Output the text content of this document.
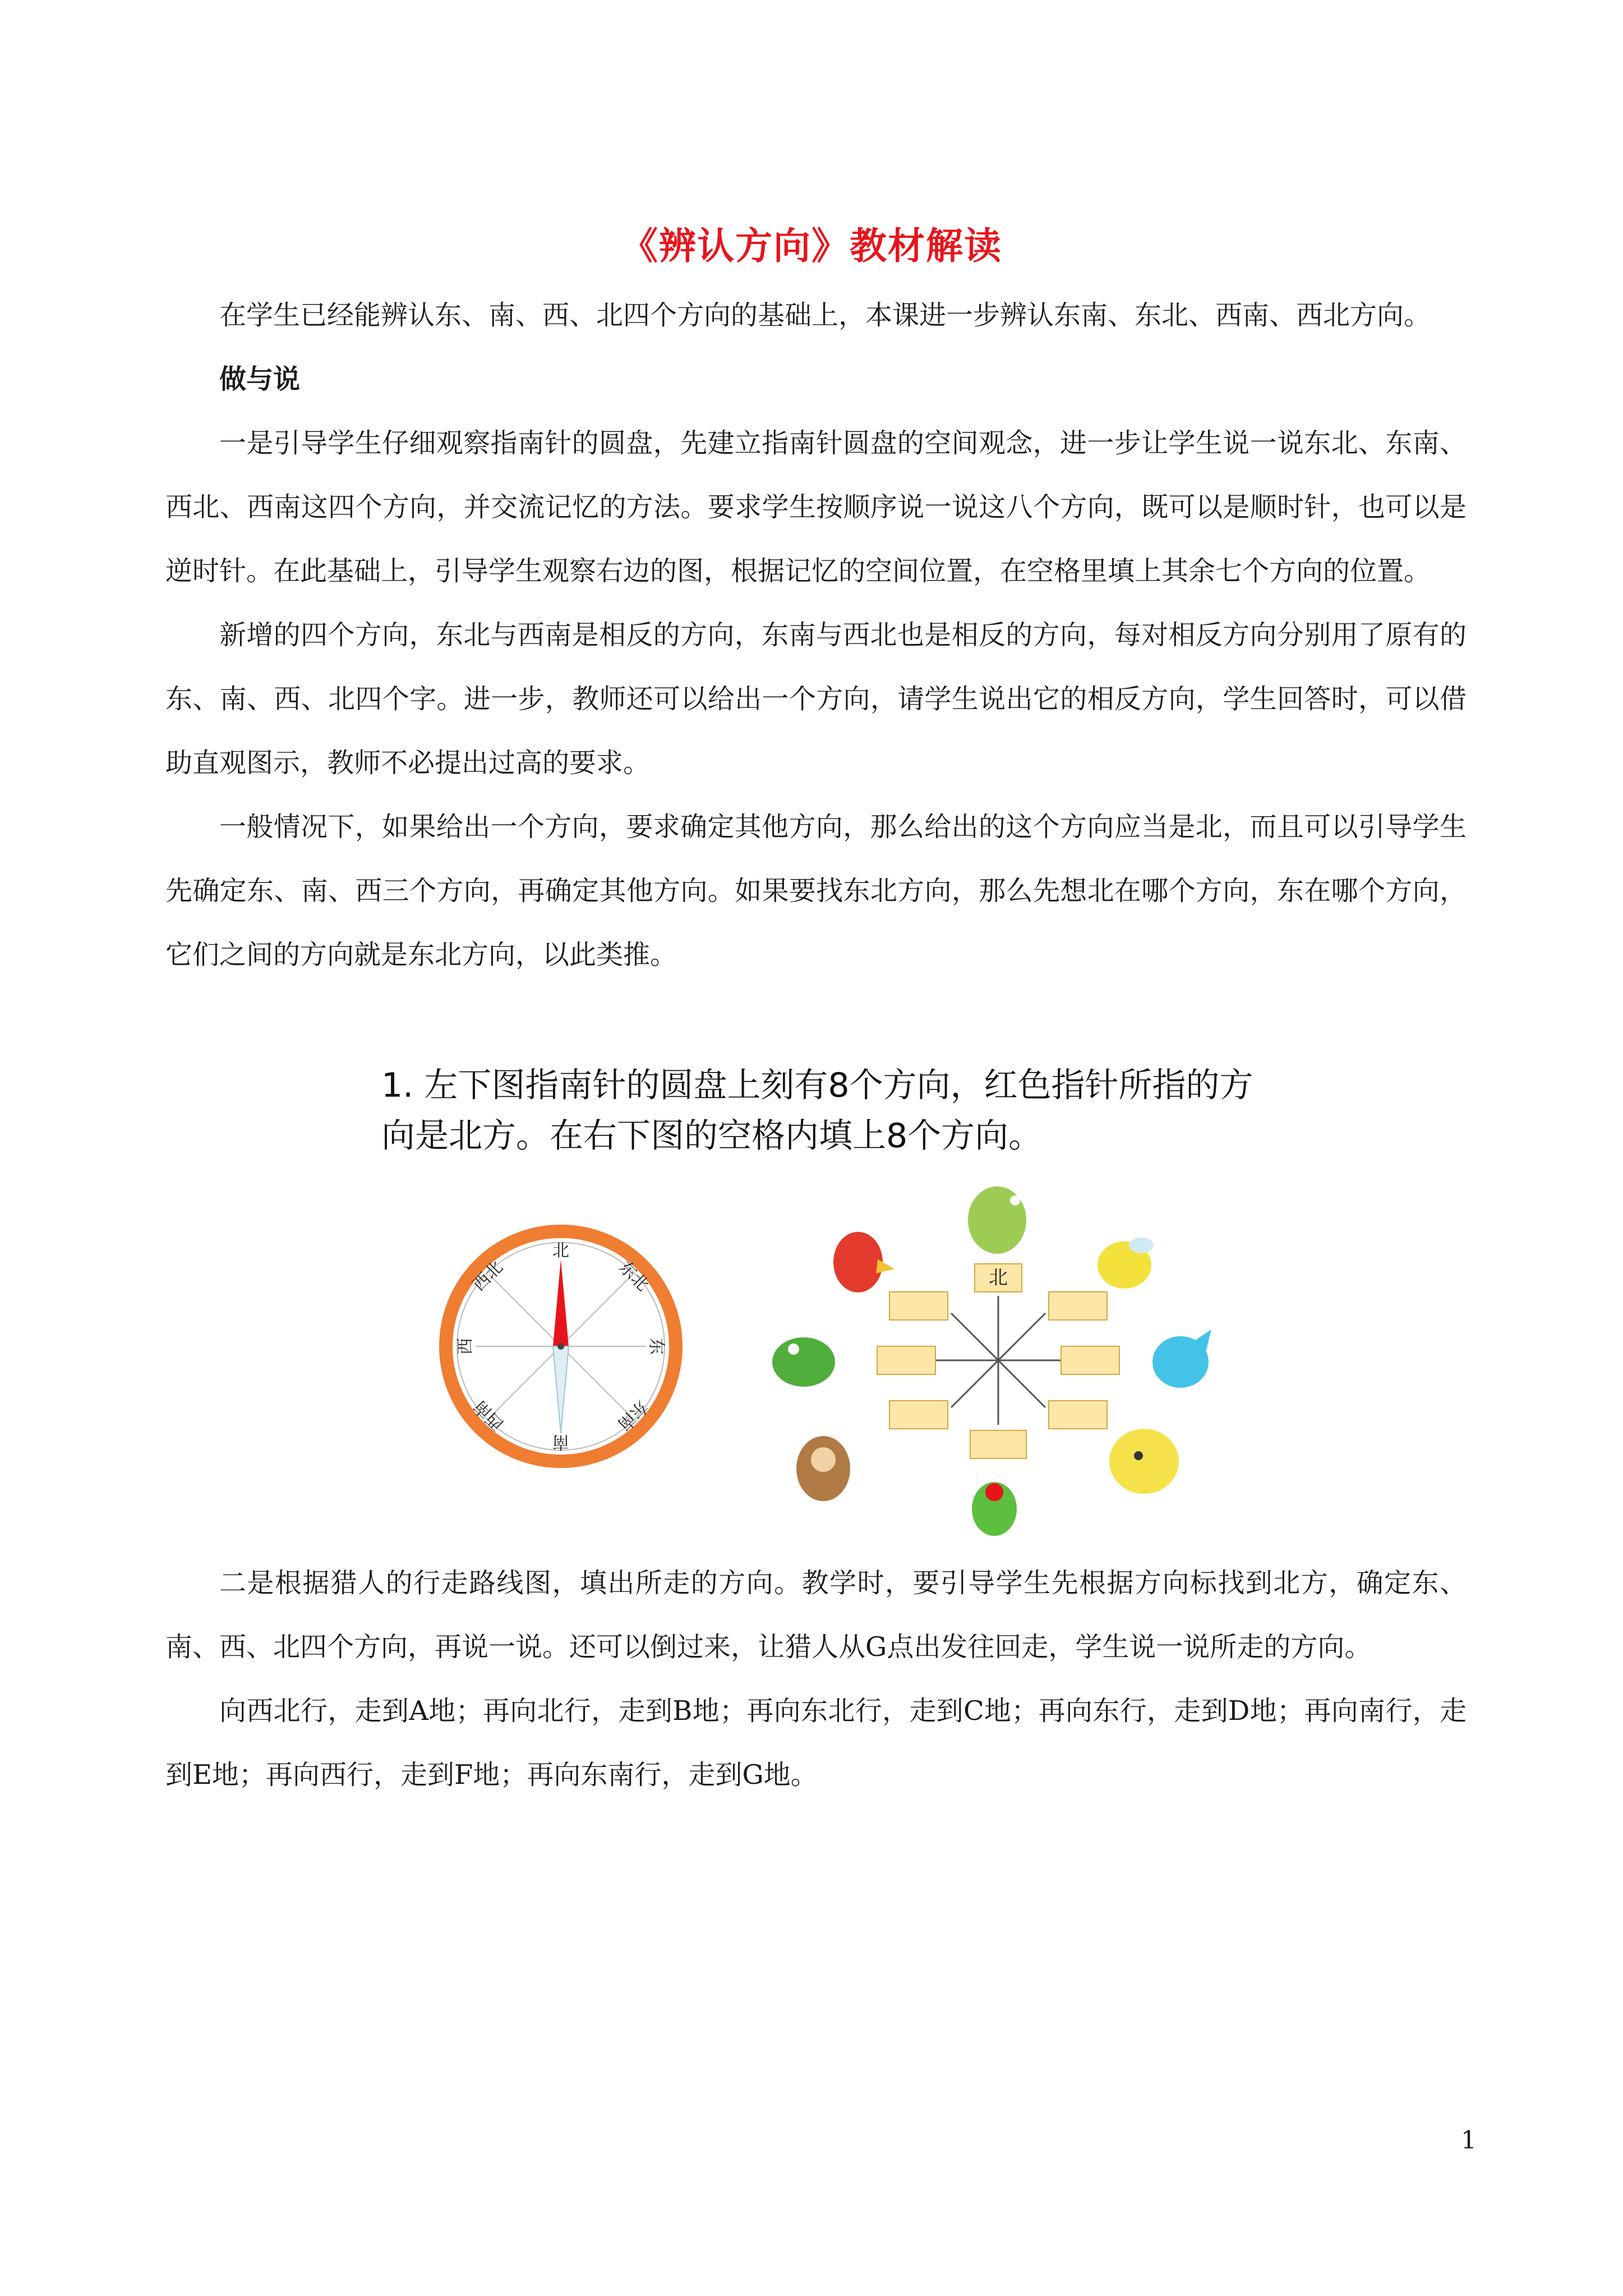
《辨认方向》教材解读

在学生已经能辨认东、南、西、北四个方向的基础上，本课进一步辨认东南、东北、西南、西北方向。

做与说

一是引导学生仔细观察指南针的圆盘，先建立指南针圆盘的空间观念，进一步让学生说一说东北、东南、西北、西南这四个方向，并交流记忆的方法。要求学生按顺序说一说这八个方向，既可以是顺时针，也可以是逆时针。在此基础上，引导学生观察右边的图，根据记忆的空间位置，在空格里填上其余七个方向的位置。

新增的四个方向，东北与西南是相反的方向，东南与西北也是相反的方向，每对相反方向分别用了原有的东、南、西、北四个字。进一步，教师还可以给出一个方向，请学生说出它的相反方向，学生回答时，可以借助直观图示，教师不必提出过高的要求。

一般情况下，如果给出一个方向，要求确定其他方向，那么给出的这个方向应当是北，而且可以引导学生先确定东、南、西三个方向，再确定其他方向。如果要找东北方向，那么先想北在哪个方向，东在哪个方向，它们之间的方向就是东北方向，以此类推。

北
东北
东
东南
南
西南
西
西北	北
1. 左下图指南针的圆盘上刻有8个方向，红色指针所指的方向是北方。在右下图的空格内填上8个方向。

二是根据猎人的行走路线图，填出所走的方向。教学时，要引导学生先根据方向标找到北方，确定东、南、西、北四个方向，再说一说。还可以倒过来，让猎人从G点出发往回走，学生说一说所走的方向。

向西北行，走到A地；再向北行，走到B地；再向东北行，走到C地；再向东行，走到D地；再向南行，走到E地；再向西行，走到F地；再向东南行，走到G地。

1
